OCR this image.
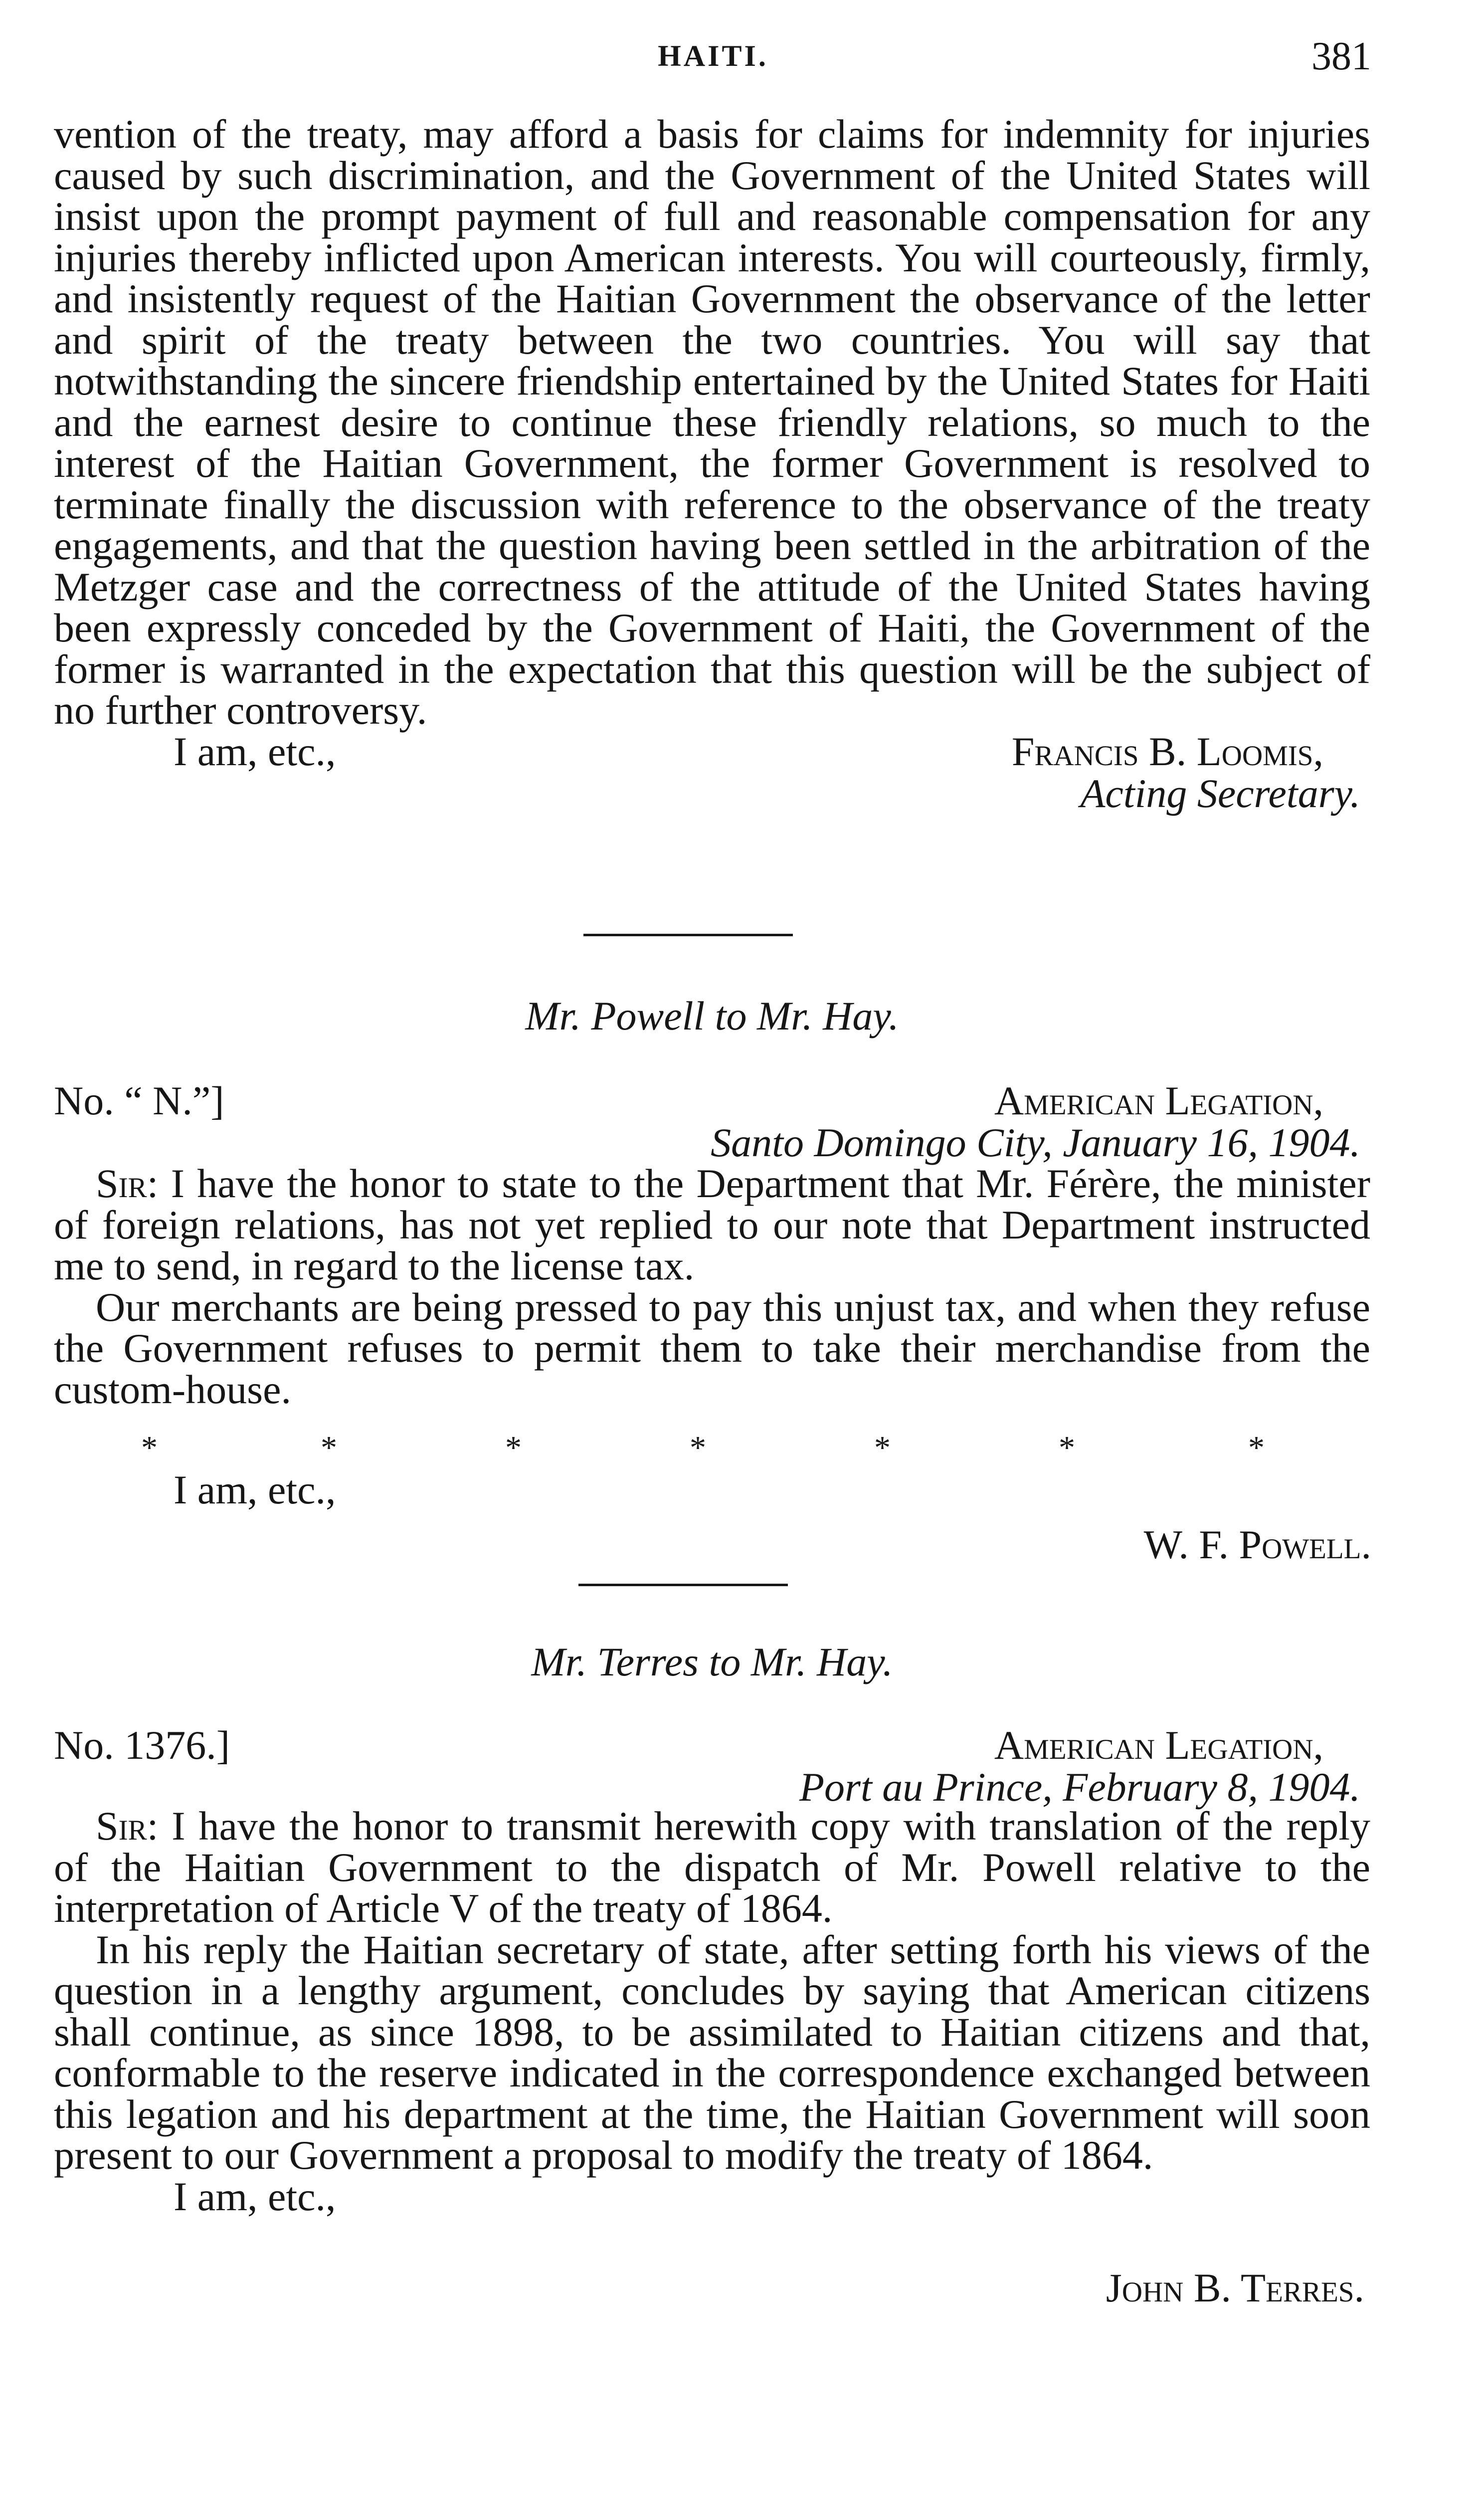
HAITI.	381

vention of the treaty, may afford a basis for claims for indemnity for injuries caused by such discrimination, and the Government of the United States will insist upon the prompt payment of full and reasonable compensation for any injuries thereby inflicted upon American interests. You will courteously, firmly, and insistently request of the Haitian Government the observance of the letter and spirit of the treaty between the two countries. You will say that notwithstanding the sincere friendship entertained by the United States for Haiti and the earnest desire to continue these friendly relations, so much to the interest of the Haitian Government, the former Government is resolved to terminate finally the discussion with reference to the observance of the treaty engagements, and that the question having been settled in the arbitration of the Metzger case and the correctness of the attitude of the United States having been expressly conceded by the Government of Haiti, the Government of the former is warranted in the expectation that this question will be the subject of no further controversy.

I am, etc.,	Francis B. Loomis,
Acting Secretary.
Mr. Powell to Mr. Hay.
No. “ N.”]	American Legation,
Santo Domingo City, January 16, 1904.

Sir: I have the honor to state to the Department that Mr. Férère, the minister of foreign relations, has not yet replied to our note that Department instructed me to send, in regard to the license tax.

Our merchants are being pressed to pay this unjust tax, and when they refuse the Government refuses to permit them to take their merchandise from the custom-house.

*	*	*	*	*	*	*
I am, etc.,
W. F. Powell.
Mr. Terres to Mr. Hay.
No. 1376.]	American Legation,
Port au Prince, February 8, 1904.

Sir: I have the honor to transmit herewith copy with translation of the reply of the Haitian Government to the dispatch of Mr. Powell relative to the interpretation of Article V of the treaty of 1864.

In his reply the Haitian secretary of state, after setting forth his views of the question in a lengthy argument, concludes by saying that American citizens shall continue, as since 1898, to be assimilated to Haitian citizens and that, conformable to the reserve indicated in the correspondence exchanged between this legation and his department at the time, the Haitian Government will soon present to our Government a proposal to modify the treaty of 1864.

I am, etc.,
John B. Terres.
